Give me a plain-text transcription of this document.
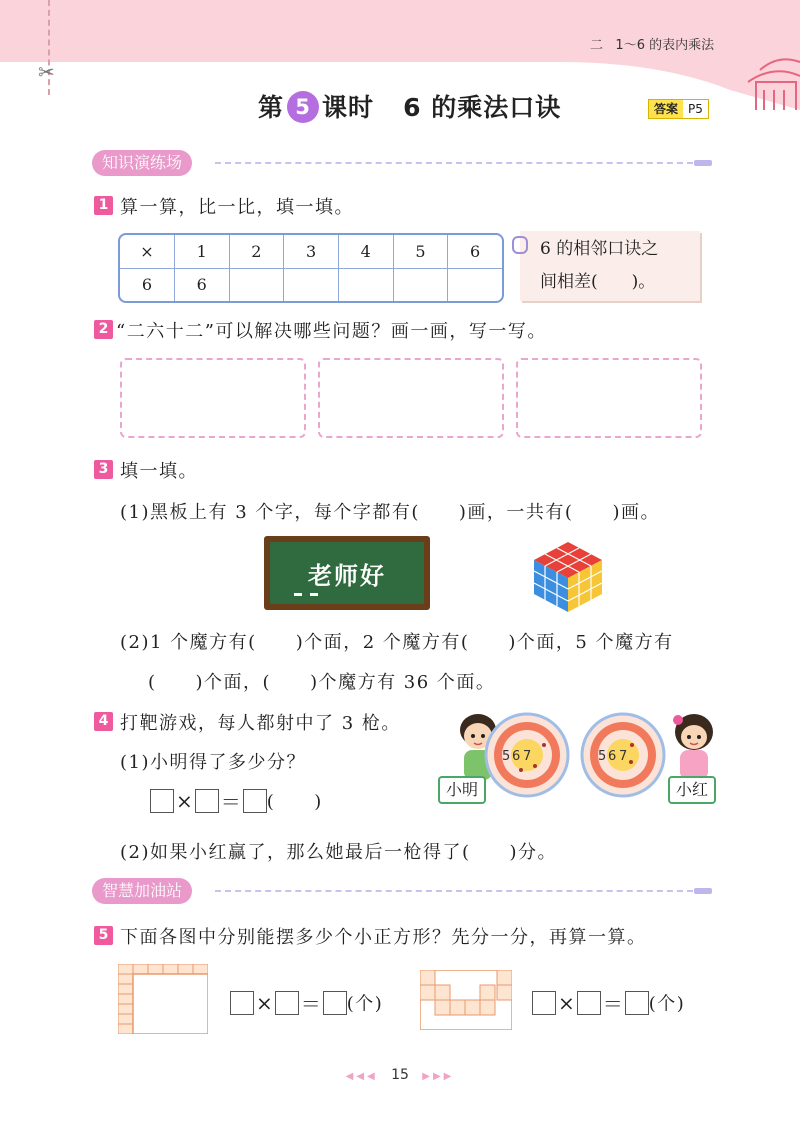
✂
二 1～6 的表内乘法
第 5 课时 6 的乘法口诀	答案 P5
知识演练场
1 算一算，比一比，填一填。
×	1	2	3	4	5	6
6	6					
6 的相邻口诀之
间相差(　　)。
2 “二六十二”可以解决哪些问题？画一画，写一写。
3 填一填。
(1)黑板上有 3 个字，每个字都有(　　)画，一共有(　　)画。
老师好
(2)1 个魔方有(　　)个面，2 个魔方有(　　)个面，5 个魔方有
(　　)个面，(　　)个魔方有 36 个面。
4 打靶游戏，每人都射中了 3 枪。
(1)小明得了多少分？
× ＝ (　　)
(2)如果小红赢了，那么她最后一枪得了(　　)分。
小明
5 6 7	5 6 7
小红
智慧加油站
5 下面各图中分别能摆多少个小正方形？先分一分，再算一算。
× ＝ (个)	× ＝ (个)
◀◀◀ 15 ▶▶▶
